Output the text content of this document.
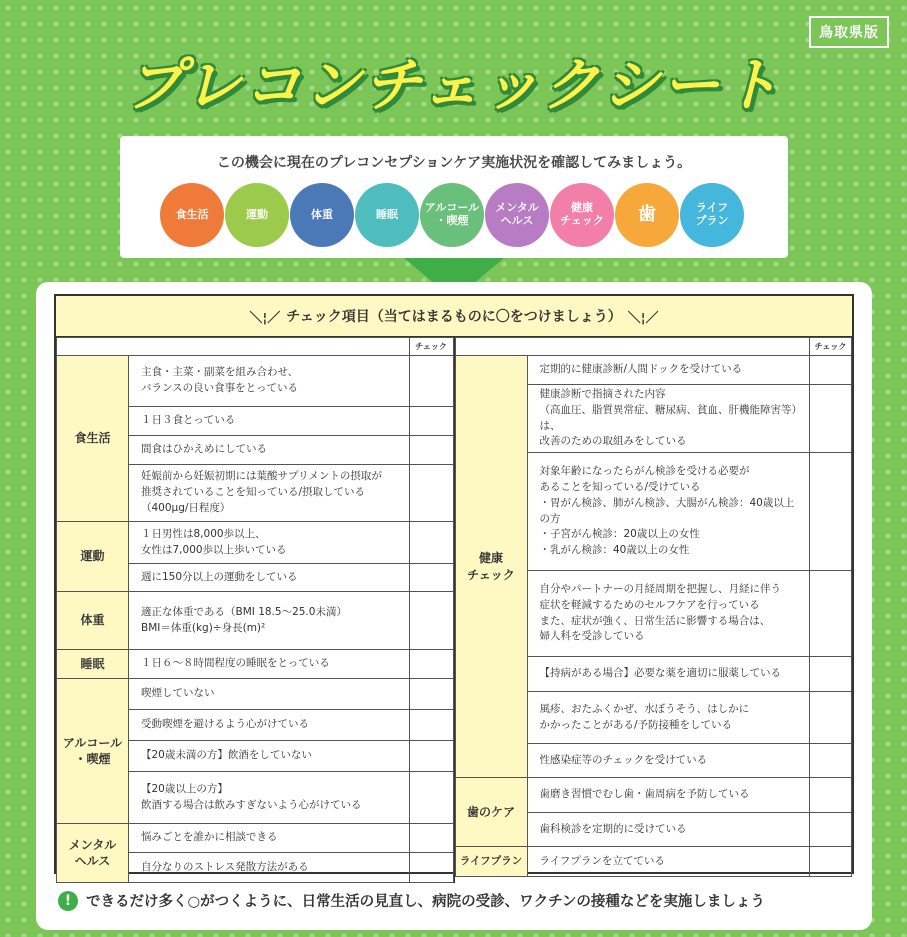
鳥取県版
プレコンチェックシート
この機会に現在のプレコンセプションケア実施状況を確認してみましょう。
食生活	運動	体重	睡眠	アルコール
・喫煙
メンタル
ヘルス
健康
チェック	歯	ライフ
プラン
＼¦／ チェック項目（当てはまるものに〇をつけましょう） ＼¦／
		チェック
食生活	主食・主菜・副菜を組み合わせ、
バランスの良い食事をとっている	

	１日３食とっている	
	間食はひかえめにしている	

	妊娠前から妊娠初期には葉酸サプリメントの摂取が
推奨されていることを知っている/摂取している
（400μg/日程度）	

運動	１日男性は8,000歩以上、
女性は7,000歩以上歩いている	

	週に150分以上の運動をしている	
体重	適正な体重である（BMI 18.5〜25.0未満）
BMI＝体重(kg)÷身長(m)²	

睡眠	１日６〜８時間程度の睡眠をとっている	

アルコール
・喫煙	喫煙していない	
	受動喫煙を避けるよう心がけている	
	【20歳未満の方】飲酒をしていない	

	【20歳以上の方】
飲酒する場合は飲みすぎないよう心がけている	

メンタル
ヘルス	悩みごとを誰かに相談できる	
	自分なりのストレス発散方法がある	
		チェック

健康
チェック	定期的に健康診断/人間ドックを受けている	

	健康診断で指摘された内容
（高血圧、脂質異常症、糖尿病、貧血、肝機能障害等）は、
改善のための取組みをしている	

	対象年齢になったらがん検診を受ける必要が
あることを知っている/受けている
・胃がん検診、肺がん検診、大腸がん検診：40歳以上の方
・子宮がん検診：20歳以上の女性
・乳がん検診：40歳以上の女性	

	自分やパートナーの月経周期を把握し、月経に伴う
症状を軽減するためのセルフケアを行っている
また、症状が強く、日常生活に影響する場合は、
婦人科を受診している	

	【持病がある場合】必要な薬を適切に服薬している	

	風疹、おたふくかぜ、水ぼうそう、はしかに
かかったことがある/予防接種をしている	

	性感染症等のチェックを受けている	
歯のケア	歯磨き習慣でむし歯・歯周病を予防している	
	歯科検診を定期的に受けている	
ライフプラン	ライフプランを立てている	
!	できるだけ多く○がつくように、日常生活の見直し、病院の受診、ワクチンの接種などを実施しましょう
